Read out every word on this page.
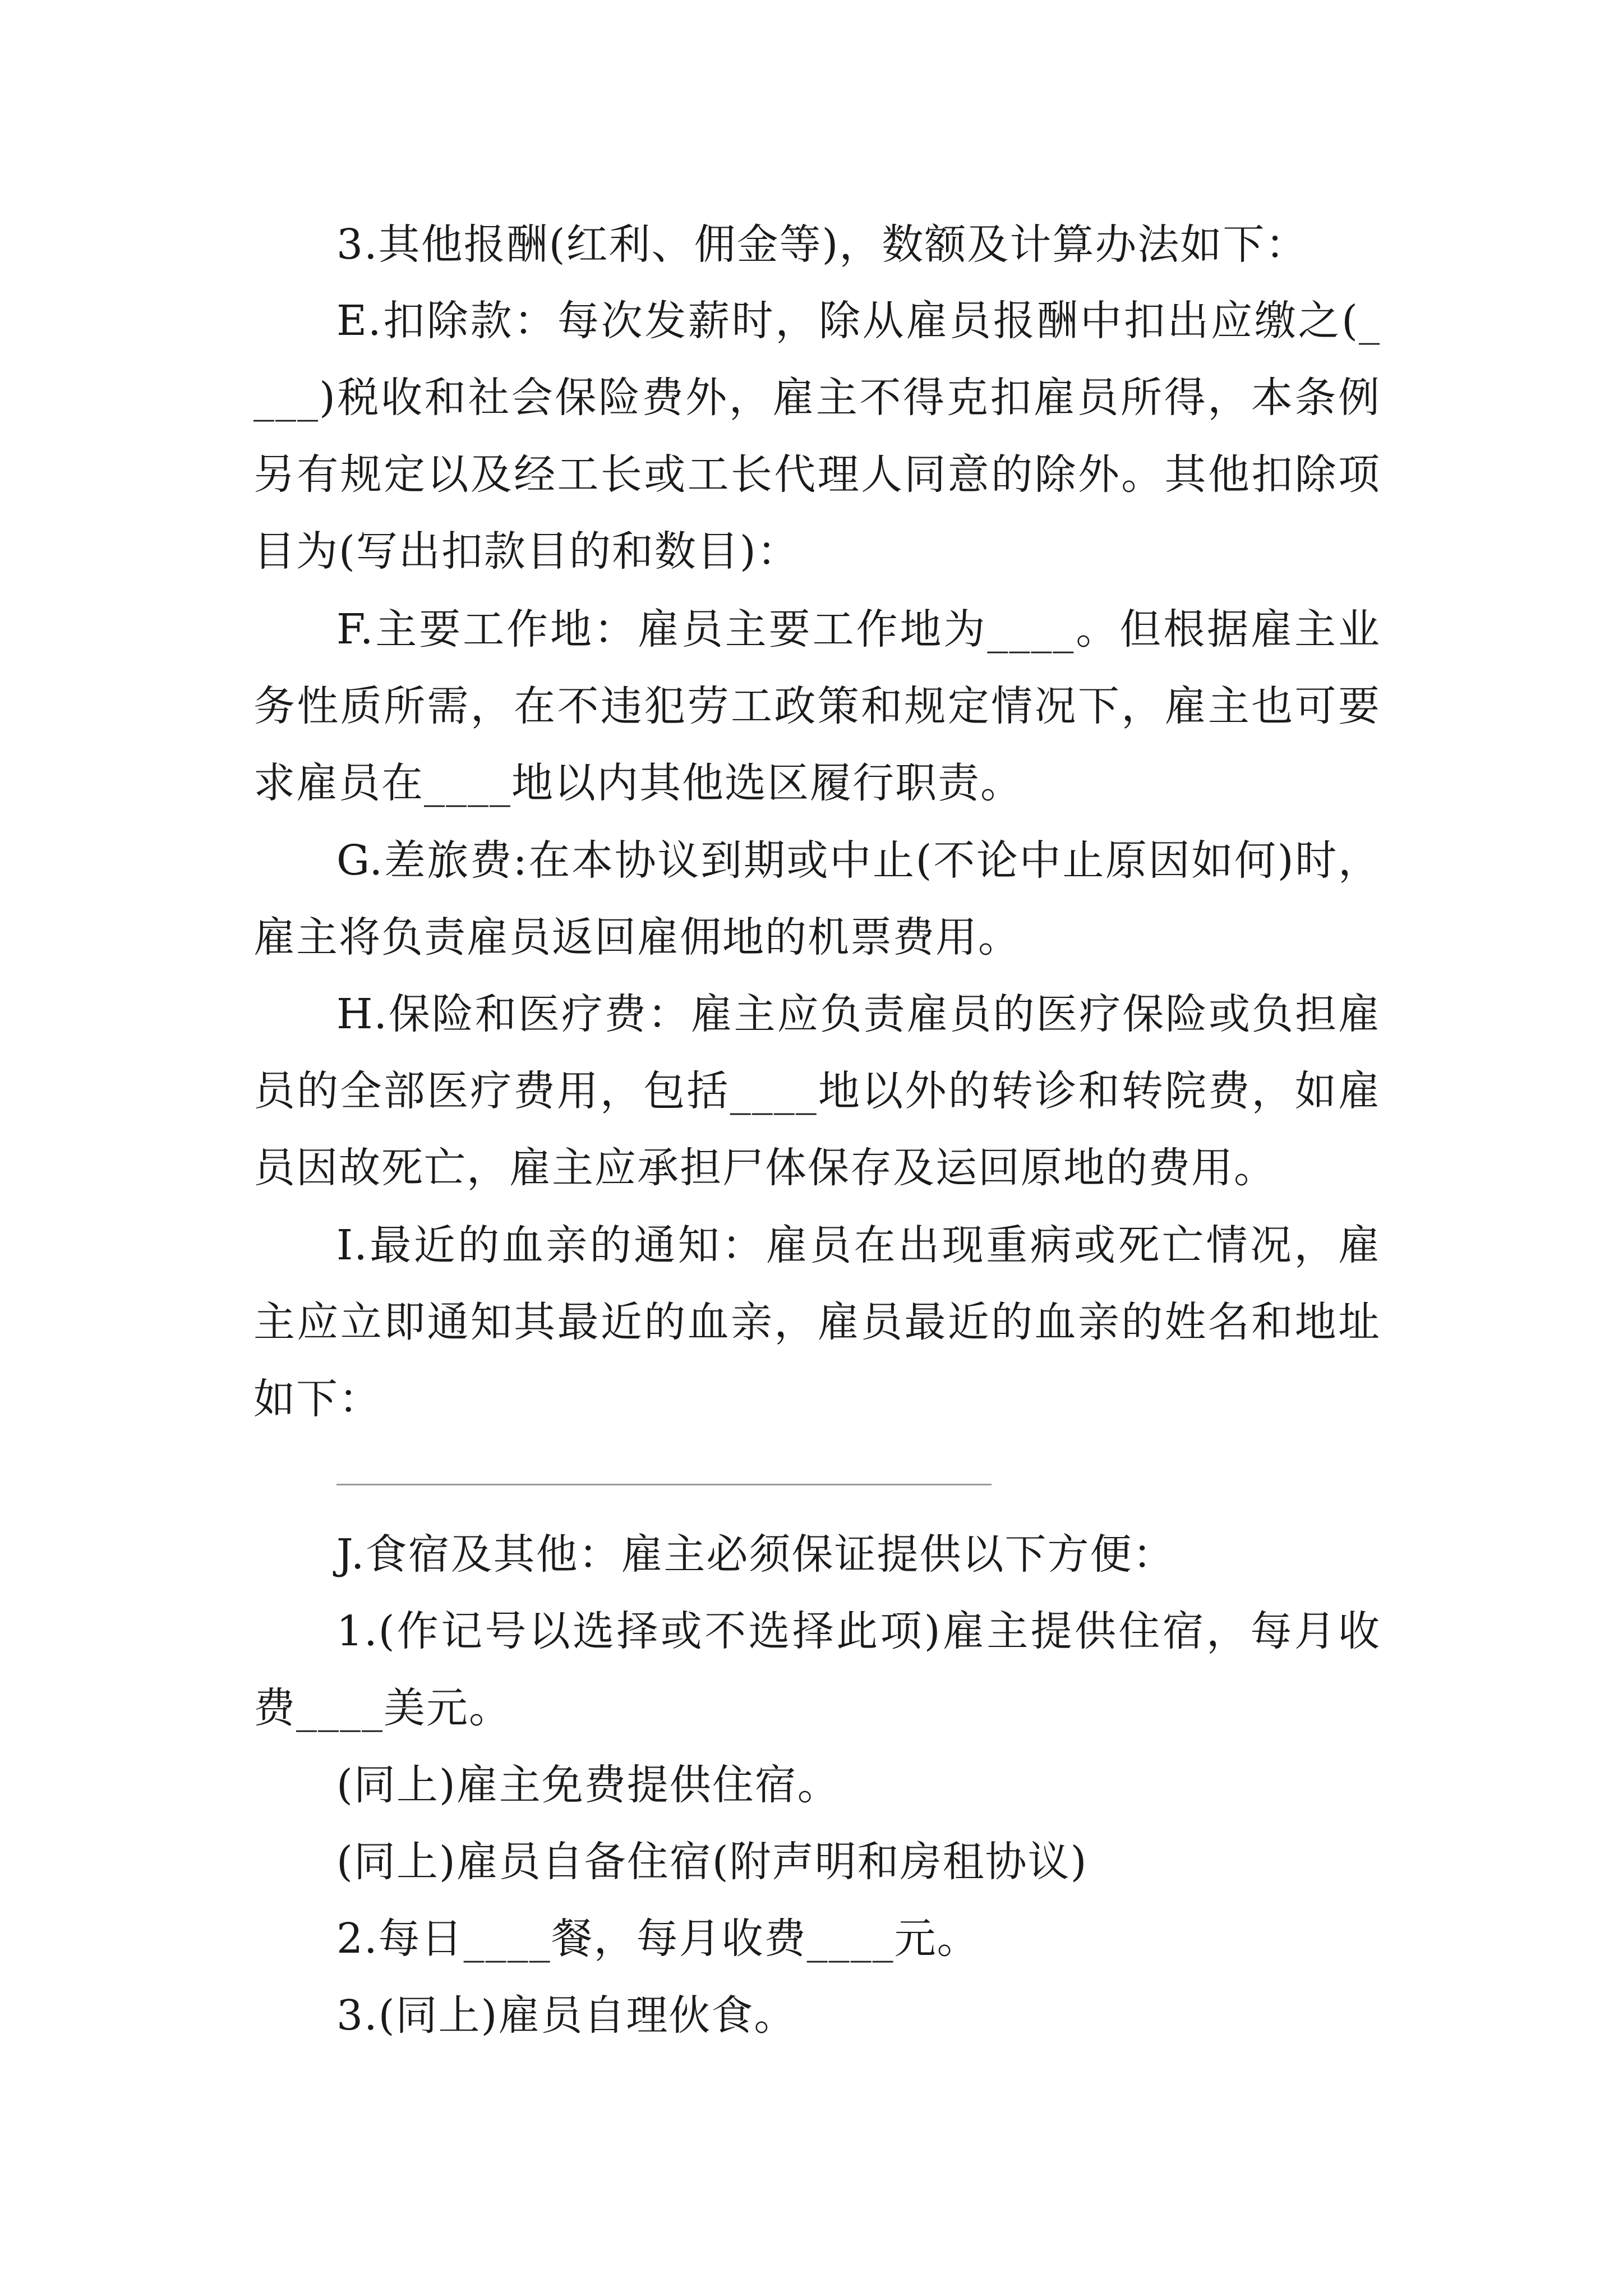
3.其他报酬(红利、佣金等)，数额及计算办法如下：

E.扣除款：每次发薪时，除从雇员报酬中扣出应缴之(____)税收和社会保险费外，雇主不得克扣雇员所得，本条例另有规定以及经工长或工长代理人同意的除外。其他扣除项目为(写出扣款目的和数目)：

F.主要工作地：雇员主要工作地为____。但根据雇主业务性质所需，在不违犯劳工政策和规定情况下，雇主也可要求雇员在____地以内其他选区履行职责。

G.差旅费:在本协议到期或中止(不论中止原因如何)时，雇主将负责雇员返回雇佣地的机票费用。

H.保险和医疗费：雇主应负责雇员的医疗保险或负担雇员的全部医疗费用，包括____地以外的转诊和转院费，如雇员因故死亡，雇主应承担尸体保存及运回原地的费用。

I.最近的血亲的通知：雇员在出现重病或死亡情况，雇主应立即通知其最近的血亲，雇员最近的血亲的姓名和地址如下：

J.食宿及其他：雇主必须保证提供以下方便：

1.(作记号以选择或不选择此项)雇主提供住宿，每月收费____美元。

(同上)雇主免费提供住宿。

(同上)雇员自备住宿(附声明和房租协议)

2.每日____餐，每月收费____元。

3.(同上)雇员自理伙食。
